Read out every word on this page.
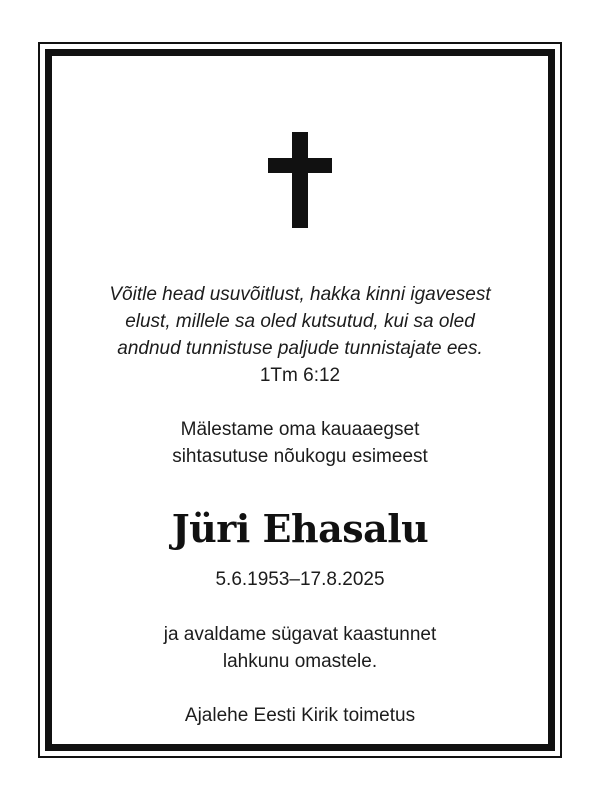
Võitle head usuvõitlust, hakka kinni igavesest
elust, millele sa oled kutsutud, kui sa oled
andnud tunnistuse paljude tunnistajate ees.
1Tm 6:12
Mälestame oma kauaaegset
sihtasutuse nõukogu esimeest
Jüri Ehasalu
5.6.1953–17.8.2025
ja avaldame sügavat kaastunnet
lahkunu omastele.
Ajalehe Eesti Kirik toimetus
